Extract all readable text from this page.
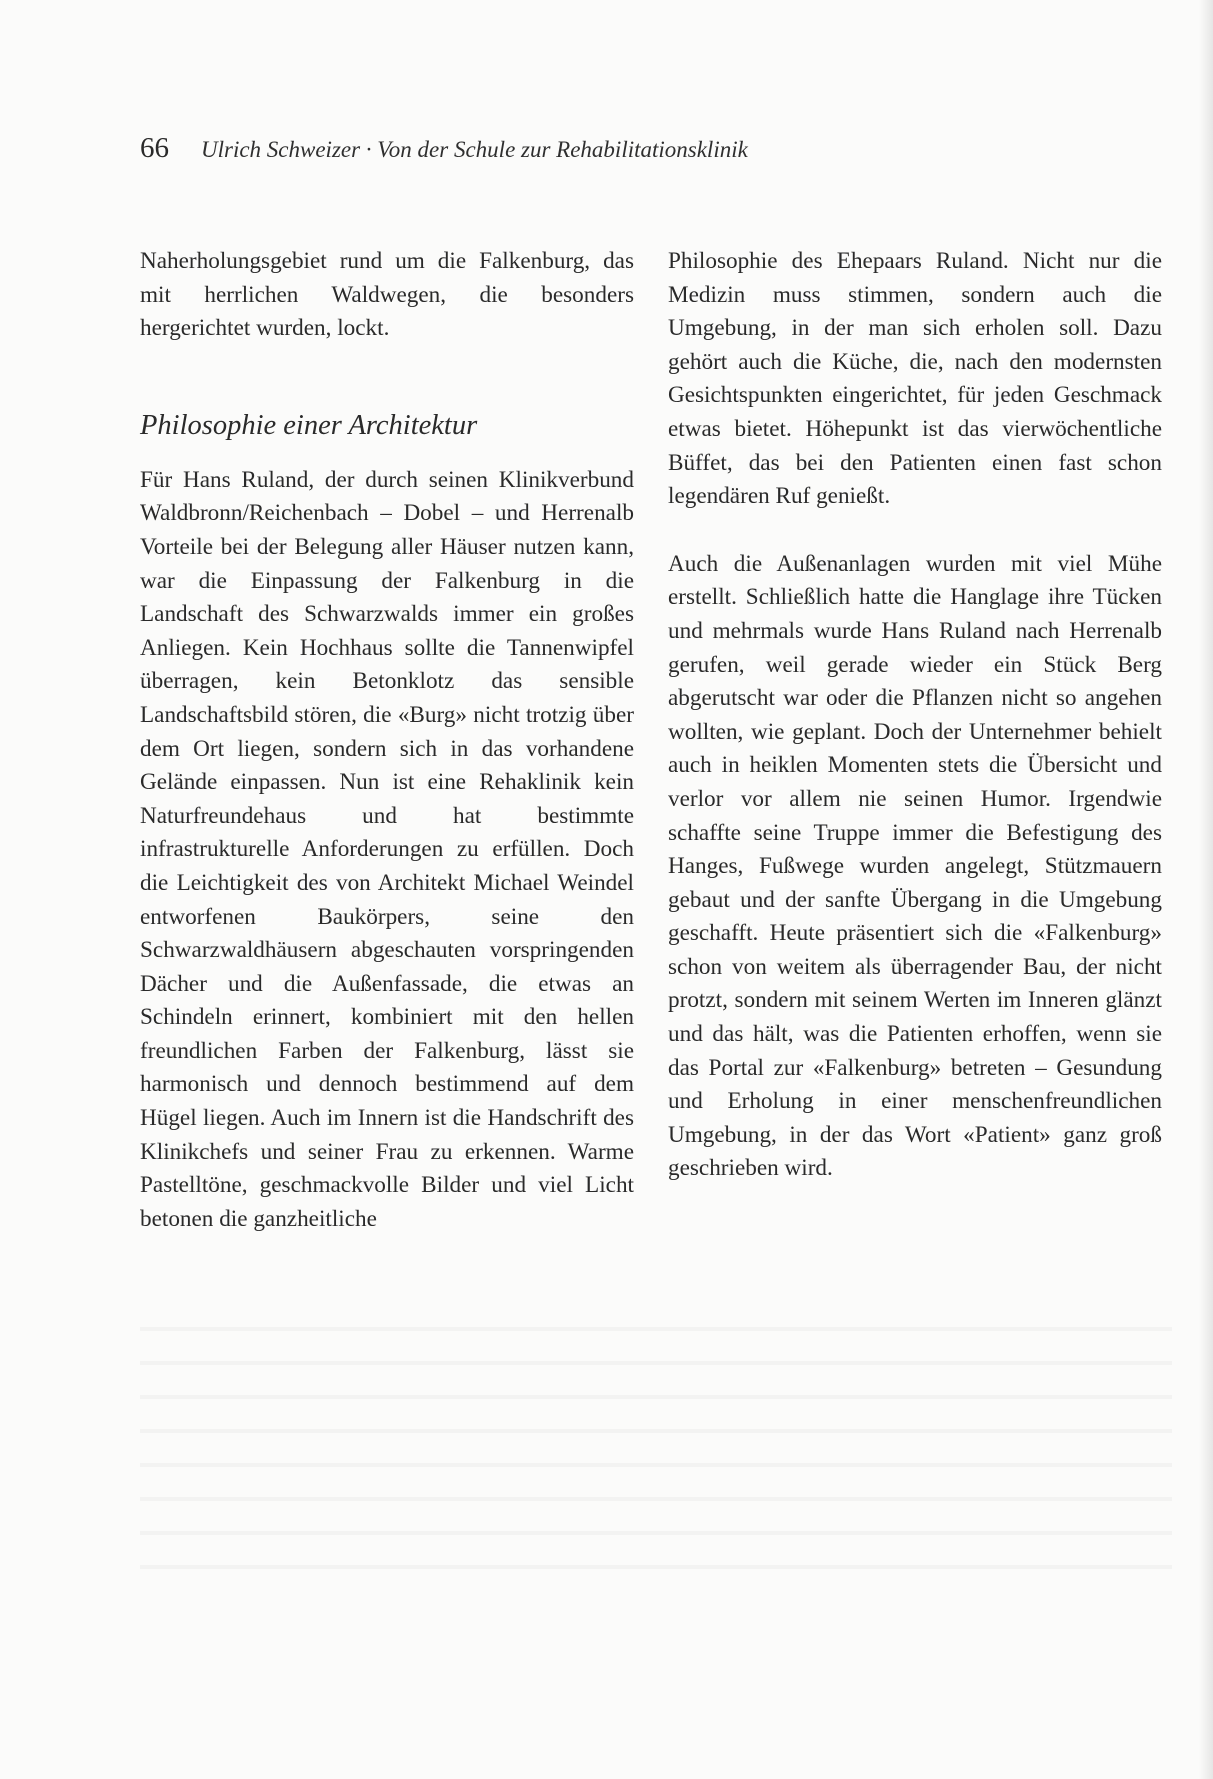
66 Ulrich Schweizer · Von der Schule zur Rehabilitationsklinik

Naherholungsgebiet rund um die Falkenburg, das mit herrlichen Waldwegen, die besonders hergerichtet wurden, lockt.

Philosophie einer Architektur

Für Hans Ruland, der durch seinen Klinikverbund Waldbronn/Reichenbach – Dobel – und Herrenalb Vorteile bei der Belegung aller Häuser nutzen kann, war die Einpassung der Falkenburg in die Landschaft des Schwarzwalds immer ein großes Anliegen. Kein Hochhaus sollte die Tannenwipfel überragen, kein Betonklotz das sensible Landschaftsbild stören, die «Burg» nicht trotzig über dem Ort liegen, sondern sich in das vorhandene Gelände einpassen. Nun ist eine Rehaklinik kein Naturfreundehaus und hat bestimmte infrastrukturelle Anforderungen zu erfüllen. Doch die Leichtigkeit des von Architekt Michael Weindel entworfenen Baukörpers, seine den Schwarzwaldhäusern abgeschauten vorspringenden Dächer und die Außenfassade, die etwas an Schindeln erinnert, kombiniert mit den hellen freundlichen Farben der Falkenburg, lässt sie harmonisch und dennoch bestimmend auf dem Hügel liegen. Auch im Innern ist die Handschrift des Klinikchefs und seiner Frau zu erkennen. Warme Pastelltöne, geschmackvolle Bilder und viel Licht betonen die ganzheitliche

Philosophie des Ehepaars Ruland. Nicht nur die Medizin muss stimmen, sondern auch die Umgebung, in der man sich erholen soll. Dazu gehört auch die Küche, die, nach den modernsten Gesichtspunkten eingerichtet, für jeden Geschmack etwas bietet. Höhepunkt ist das vierwöchentliche Büffet, das bei den Patienten einen fast schon legendären Ruf genießt.

Auch die Außenanlagen wurden mit viel Mühe erstellt. Schließlich hatte die Hanglage ihre Tücken und mehrmals wurde Hans Ruland nach Herrenalb gerufen, weil gerade wieder ein Stück Berg abgerutscht war oder die Pflanzen nicht so angehen wollten, wie geplant. Doch der Unternehmer behielt auch in heiklen Momenten stets die Übersicht und verlor vor allem nie seinen Humor. Irgendwie schaffte seine Truppe immer die Befestigung des Hanges, Fußwege wurden angelegt, Stützmauern gebaut und der sanfte Übergang in die Umgebung geschafft. Heute präsentiert sich die «Falkenburg» schon von weitem als überragender Bau, der nicht protzt, sondern mit seinem Werten im Inneren glänzt und das hält, was die Patienten erhoffen, wenn sie das Portal zur «Falkenburg» betreten – Gesundung und Erholung in einer menschenfreundlichen Umgebung, in der das Wort «Patient» ganz groß geschrieben wird.
